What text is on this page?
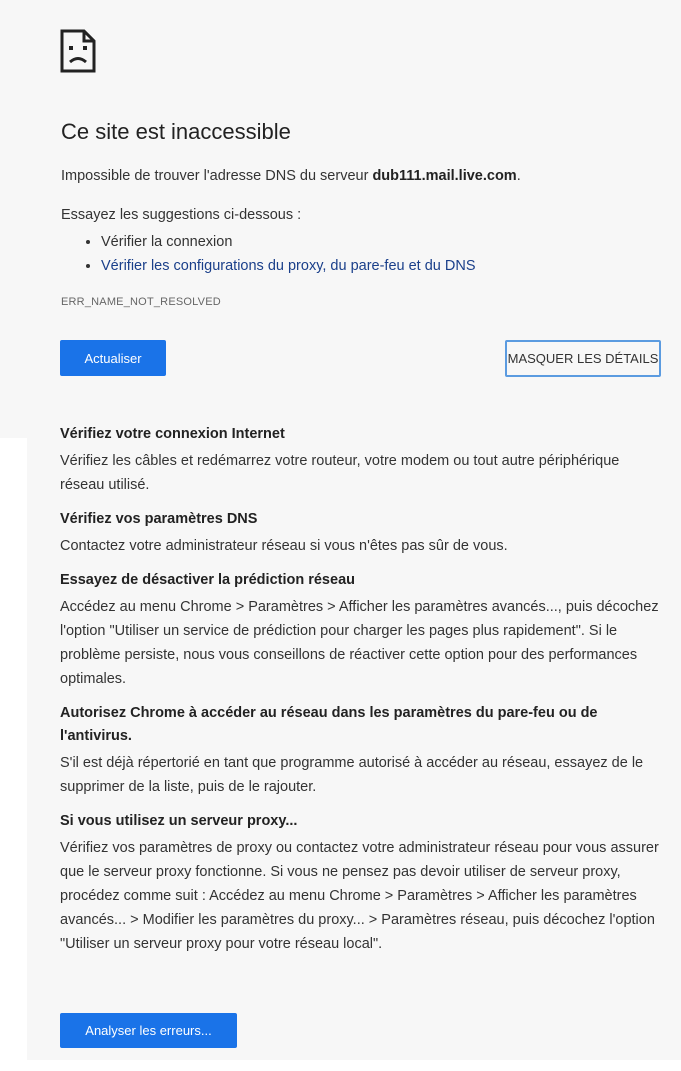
Ce site est inaccessible
Impossible de trouver l'adresse DNS du serveur dub111.mail.live.com.
Essayez les suggestions ci-dessous :
• Vérifier la connexion
• Vérifier les configurations du proxy, du pare-feu et du DNS
ERR_NAME_NOT_RESOLVED
Actualiser	MASQUER LES DÉTAILS
Vérifiez votre connexion Internet

Vérifiez les câbles et redémarrez votre routeur, votre modem ou tout autre périphérique réseau utilisé.

Vérifiez vos paramètres DNS

Contactez votre administrateur réseau si vous n'êtes pas sûr de vous.

Essayez de désactiver la prédiction réseau

Accédez au menu Chrome > Paramètres > Afficher les paramètres avancés..., puis décochez l'option "Utiliser un service de prédiction pour charger les pages plus rapidement". Si le problème persiste, nous vous conseillons de réactiver cette option pour des performances optimales.

Autorisez Chrome à accéder au réseau dans les paramètres du pare-feu ou de l'antivirus.

S'il est déjà répertorié en tant que programme autorisé à accéder au réseau, essayez de le supprimer de la liste, puis de le rajouter.

Si vous utilisez un serveur proxy...

Vérifiez vos paramètres de proxy ou contactez votre administrateur réseau pour vous assurer que le serveur proxy fonctionne. Si vous ne pensez pas devoir utiliser de serveur proxy, procédez comme suit : Accédez au menu Chrome > Paramètres > Afficher les paramètres avancés... > Modifier les paramètres du proxy... > Paramètres réseau, puis décochez l'option "Utiliser un serveur proxy pour votre réseau local".

Analyser les erreurs...
